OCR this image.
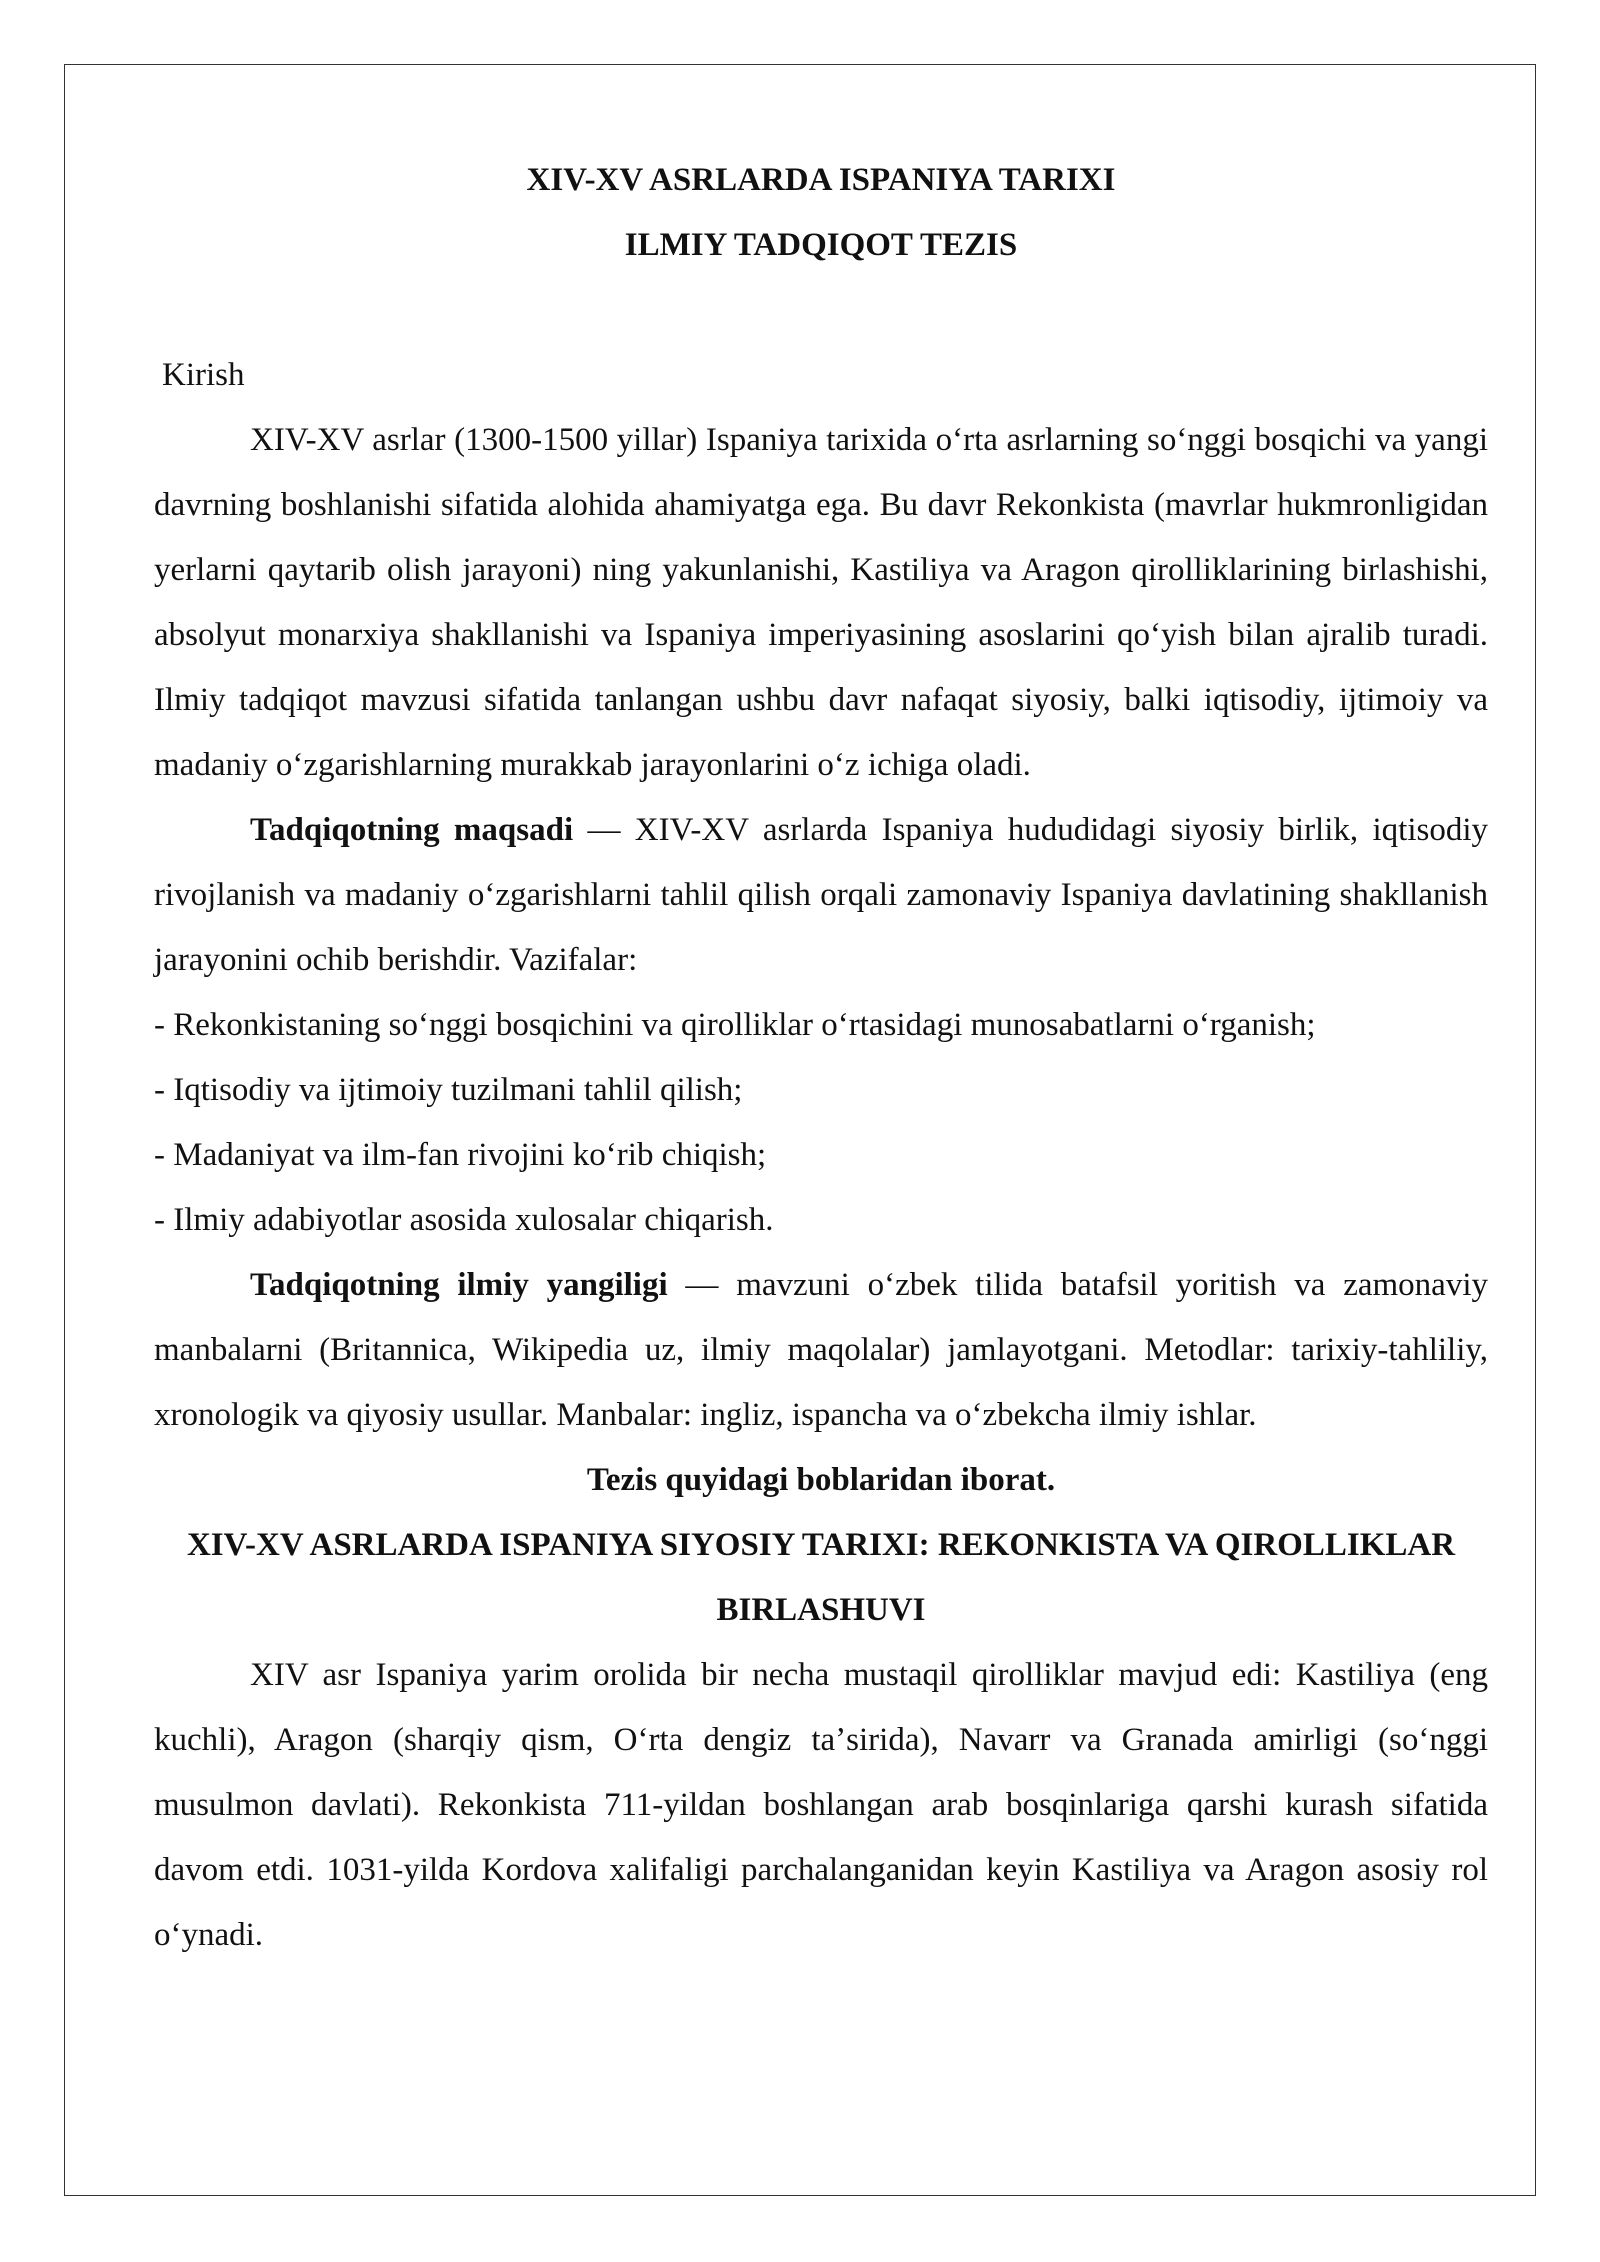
XIV-XV ASRLARDA ISPANIYA TARIXI

ILMIY TADQIQOT TEZIS

Kirish

XIV-XV asrlar (1300-1500 yillar) Ispaniya tarixida oʻrta asrlarning soʻnggi bosqichi va yangi davrning boshlanishi sifatida alohida ahamiyatga ega. Bu davr Rekonkista (mavrlar hukmronligidan yerlarni qaytarib olish jarayoni) ning yakunlanishi, Kastiliya va Aragon qirolliklarining birlashishi, absolyut monarxiya shakllanishi va Ispaniya imperiyasining asoslarini qoʻyish bilan ajralib turadi. Ilmiy tadqiqot mavzusi sifatida tanlangan ushbu davr nafaqat siyosiy, balki iqtisodiy, ijtimoiy va madaniy oʻzgarishlarning murakkab jarayonlarini oʻz ichiga oladi.

Tadqiqotning maqsadi — XIV-XV asrlarda Ispaniya hududidagi siyosiy birlik, iqtisodiy rivojlanish va madaniy oʻzgarishlarni tahlil qilish orqali zamonaviy Ispaniya davlatining shakllanish jarayonini ochib berishdir. Vazifalar:

- Rekonkistaning soʻnggi bosqichini va qirolliklar oʻrtasidagi munosabatlarni oʻrganish;

- Iqtisodiy va ijtimoiy tuzilmani tahlil qilish;

- Madaniyat va ilm-fan rivojini koʻrib chiqish;

- Ilmiy adabiyotlar asosida xulosalar chiqarish.

Tadqiqotning ilmiy yangiligi — mavzuni oʻzbek tilida batafsil yoritish va zamonaviy manbalarni (Britannica, Wikipedia uz, ilmiy maqolalar) jamlayotgani. Metodlar: tarixiy-tahliliy, xronologik va qiyosiy usullar. Manbalar: ingliz, ispancha va oʻzbekcha ilmiy ishlar.

Tezis quyidagi boblaridan iborat.

XIV-XV ASRLARDA ISPANIYA SIYOSIY TARIXI: REKONKISTA VA QIROLLIKLAR BIRLASHUVI

XIV asr Ispaniya yarim orolida bir necha mustaqil qirolliklar mavjud edi: Kastiliya (eng kuchli), Aragon (sharqiy qism, Oʻrta dengiz taʼsirida), Navarr va Granada amirligi (soʻnggi musulmon davlati). Rekonkista 711-yildan boshlangan arab bosqinlariga qarshi kurash sifatida davom etdi. 1031-yilda Kordova xalifaligi parchalanganidan keyin Kastiliya va Aragon asosiy rol oʻynadi.
